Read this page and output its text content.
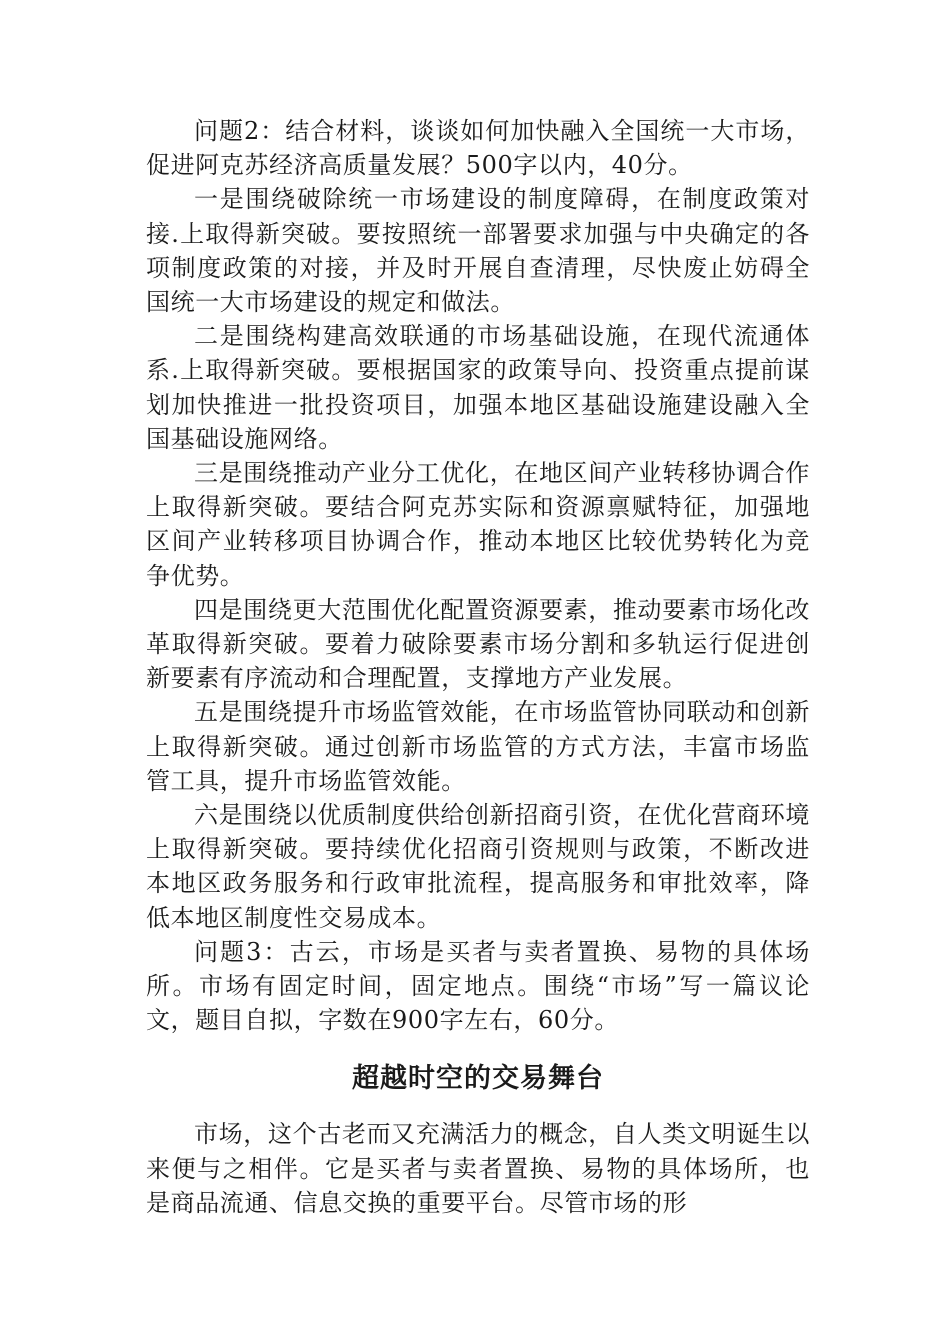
问题2：结合材料，谈谈如何加快融入全国统一大市场，促进阿克苏经济高质量发展？500字以内，40分。

一是围绕破除统一市场建设的制度障碍，在制度政策对接.上取得新突破。要按照统一部署要求加强与中央确定的各项制度政策的对接，并及时开展自查清理，尽快废止妨碍全国统一大市场建设的规定和做法。

二是围绕构建高效联通的市场基础设施，在现代流通体系.上取得新突破。要根据国家的政策导向、投资重点提前谋划加快推进一批投资项目，加强本地区基础设施建设融入全国基础设施网络。

三是围绕推动产业分工优化，在地区间产业转移协调合作上取得新突破。要结合阿克苏实际和资源禀赋特征，加强地区间产业转移项目协调合作，推动本地区比较优势转化为竞争优势。

四是围绕更大范围优化配置资源要素，推动要素市场化改革取得新突破。要着力破除要素市场分割和多轨运行促进创新要素有序流动和合理配置，支撑地方产业发展。

五是围绕提升市场监管效能，在市场监管协同联动和创新上取得新突破。通过创新市场监管的方式方法，丰富市场监管工具，提升市场监管效能。

六是围绕以优质制度供给创新招商引资，在优化营商环境上取得新突破。要持续优化招商引资规则与政策，不断改进本地区政务服务和行政审批流程，提高服务和审批效率，降低本地区制度性交易成本。

问题3：古云，市场是买者与卖者置换、易物的具体场所。市场有固定时间，固定地点。围绕“市场”写一篇议论文，题目自拟，字数在900字左右，60分。

超越时空的交易舞台

市场，这个古老而又充满活力的概念，自人类文明诞生以来便与之相伴。它是买者与卖者置换、易物的具体场所，也是商品流通、信息交换的重要平台。尽管市场的形
